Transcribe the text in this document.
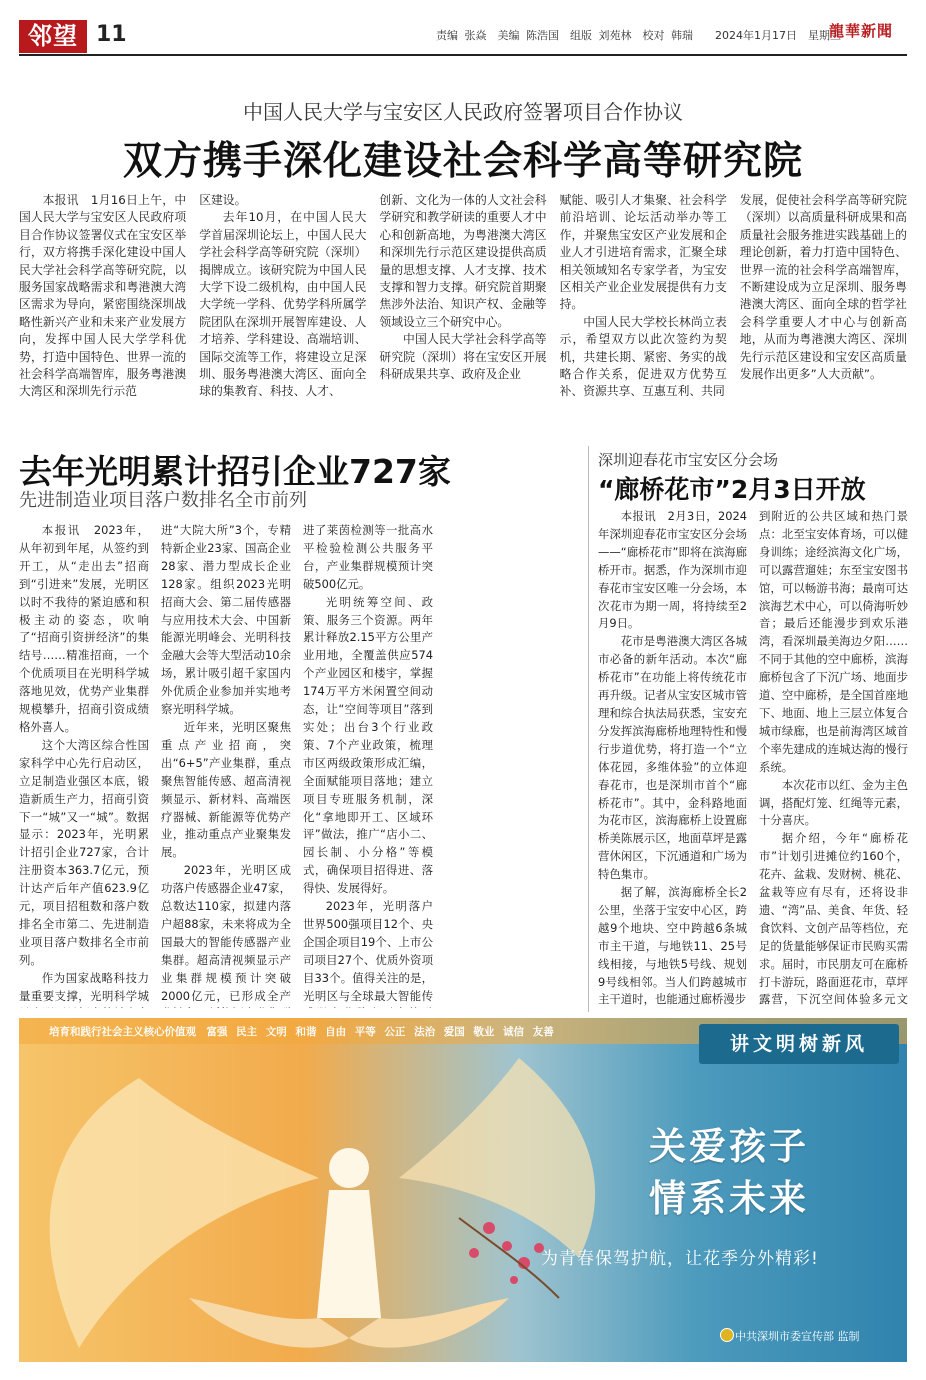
邻望 11	责编 张焱　美编 陈浩国　组版 刘苑林　校对 韩瑞　　 2024年1月17日　星期三
龍華新聞
中国人民大学与宝安区人民政府签署项目合作协议
双方携手深化建设社会科学高等研究院

本报讯　1月16日上午，中国人民大学与宝安区人民政府项目合作协议签署仪式在宝安区举行，双方将携手深化建设中国人民大学社会科学高等研究院，以服务国家战略需求和粤港澳大湾区需求为导向，紧密围绕深圳战略性新兴产业和未来产业发展方向，发挥中国人民大学学科优势，打造中国特色、世界一流的社会科学高端智库，服务粤港澳大湾区和深圳先行示范

区建设。

去年10月，在中国人民大学首届深圳论坛上，中国人民大学社会科学高等研究院（深圳）揭牌成立。该研究院为中国人民大学下设二级机构，由中国人民大学统一学科、优势学科所属学院团队在深圳开展智库建设、人才培养、学科建设、高端培训、国际交流等工作，将建设立足深圳、服务粤港澳大湾区、面向全球的集教育、科技、人才、

创新、文化为一体的人文社会科学研究和教学研读的重要人才中心和创新高地，为粤港澳大湾区和深圳先行示范区建设提供高质量的思想支撑、人才支撑、技术支撑和智力支撑。研究院首期聚焦涉外法治、知识产权、金融等领域设立三个研究中心。

中国人民大学社会科学高等研究院（深圳）将在宝安区开展科研成果共享、政府及企业

赋能、吸引人才集聚、社会科学前沿培训、论坛活动举办等工作，并聚焦宝安区产业发展和企业人才引进培育需求，汇聚全球相关领域知名专家学者，为宝安区相关产业企业发展提供有力支持。

中国人民大学校长林尚立表示，希望双方以此次签约为契机，共建长期、紧密、务实的战略合作关系，促进双方优势互补、资源共享、互惠互利、共同

发展，促使社会科学高等研究院（深圳）以高质量科研成果和高质量社会服务推进实践基础上的理论创新，着力打造中国特色、世界一流的社会科学高端智库，不断建设成为立足深圳、服务粤港澳大湾区、面向全球的哲学社会科学重要人才中心与创新高地，从而为粤港澳大湾区、深圳先行示范区建设和宝安区高质量发展作出更多”人大贡献”。

去年光明累计招引企业727家
先进制造业项目落户数排名全市前列

本报讯　2023年，从年初到年尾，从签约到开工，从“走出去”招商到“引进来”发展，光明区以时不我待的紧迫感和积极主动的姿态，吹响了“招商引资拼经济”的集结号……精准招商，一个个优质项目在光明科学城落地见效，优势产业集群规模攀升，招商引资成绩格外喜人。

这个大湾区综合性国家科学中心先行启动区，立足制造业强区本底，锻造新质生产力，招商引资下一“城”又一“城”。数据显示：2023年，光明累计招引企业727家，合计注册资本363.7亿元，预计达产后年产值623.9亿元，项目招租数和落户数排名全市第二、先进制造业项目落户数排名全市前列。

作为国家战略科技力量重要支撑，光明科学城

进“大院大所”3个，专精特新企业23家、国高企业28家、潜力型成长企业128家。组织2023光明招商大会、第二届传感器与应用技术大会、中国新能源光明峰会、光明科技金融大会等大型活动10余场，累计吸引超千家国内外优质企业参加并实地考察光明科学城。

近年来，光明区聚焦重点产业招商，突出“6+5”产业集群，重点聚焦智能传感、超高清视频显示、新材料、高端医疗器械、新能源等优势产业，推动重点产业聚集发展。

2023年，光明区成功落户传感器企业47家，总数达110家，拟建内落户超88家，未来将成为全国最大的智能传感器产业集群。超高清视频显示产业集群规模预计突破2000亿元，已形成全产

进了莱茵检测等一批高水平检验检测公共服务平台，产业集群规模预计突破500亿元。

光明统筹空间、政策、服务三个资源。两年累计释放2.15平方公里产业用地，全覆盖供应574个产业园区和楼宇，掌握174万平方米闲置空间动态，让“空间等项目”落到实处；出台3个行业政策、7个产业政策，梳理市区两级政策形成汇编，全面赋能项目落地；建立项目专班服务机制，深化“拿地即开工、区域环评”做法，推广“店小二、园长制、小分格”等模式，确保项目招得进、落得快、发展得好。

2023年，光明落户世界500强项目12个、央企国企项目19个、上市公司项目27个、优质外资项目33个。值得关注的是，光明区与全球最大智能传

深圳迎春花市宝安区分会场
“廊桥花市”2月3日开放

本报讯　2月3日，2024年深圳迎春花市宝安区分会场——“廊桥花市”即将在滨海廊桥开市。据悉，作为深圳市迎春花市宝安区唯一分会场，本次花市为期一周，将持续至2月9日。

花市是粤港澳大湾区各城市必备的新年活动。本次“廊桥花市”在功能上将传统花市再升级。记者从宝安区城市管理和综合执法局获悉，宝安充分发挥滨海廊桥地理特性和慢行步道优势，将打造一个“立体花园，多维体验”的立体迎春花市，也是深圳市首个“廊桥花市”。其中，金科路地面为花市区，滨海廊桥上设置廊桥美陈展示区，地面草坪是露营休闲区，下沉通道和广场为特色集市。

据了解，滨海廊桥全长2公里，坐落于宝安中心区，跨越9个地块、空中跨越6条城市主干道，与地铁11、25号线相接，与地铁5号线、规划9号线相邻。当人们跨越城市主干道时，也能通过廊桥漫步

到附近的公共区域和热门景点：北至宝安体育场，可以健身训练；途经滨海文化广场，可以露营遛娃；东至宝安图书馆，可以畅游书海；最南可达滨海艺术中心，可以倚海听妙音；最后还能漫步到欢乐港湾，看深圳最美海边夕阳……不同于其他的空中廊桥，滨海廊桥包含了下沉广场、地面步道、空中廊桥，是全国首座地下、地面、地上三层立体复合城市绿廊，也是前海湾区域首个率先建成的连城达海的慢行系统。

本次花市以红、金为主色调，搭配灯笼、红绳等元素，十分喜庆。

据介绍，今年“廊桥花市”计划引进摊位约160个，花卉、盆栽、发财树、桃花、盆栽等应有尽有，还将设非遗、“湾”品、美食、年货、轻食饮料、文创产品等档位，充足的货量能够保证市民购买需求。届时，市民朋友可在廊桥打卡游玩，路面逛花市，草坪露营，下沉空间体验多元文

培育和践行社会主义核心价值观　富强 民主 文明 和谐 自由 平等 公正 法治 爱国 敬业 诚信 友善
讲文明树新风
关爱孩子
情系未来
为青春保驾护航，让花季分外精彩!
中共深圳市委宣传部 监制
